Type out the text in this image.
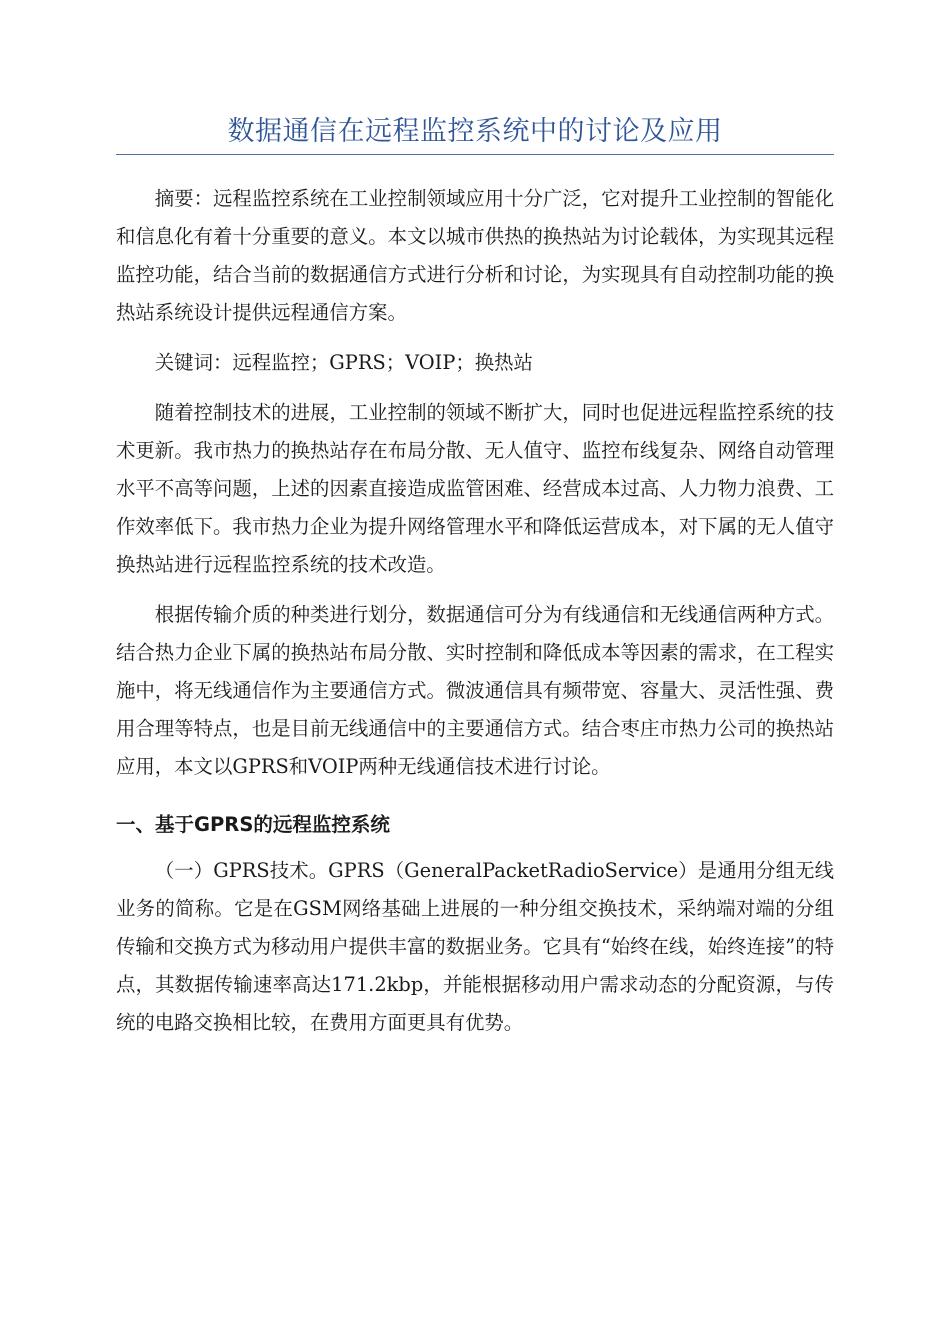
数据通信在远程监控系统中的讨论及应用

摘要：远程监控系统在工业控制领域应用十分广泛，它对提升工业控制的智能化和信息化有着十分重要的意义。本文以城市供热的换热站为讨论载体，为实现其远程监控功能，结合当前的数据通信方式进行分析和讨论，为实现具有自动控制功能的换热站系统设计提供远程通信方案。

关键词：远程监控；GPRS；VOIP；换热站

随着控制技术的进展，工业控制的领域不断扩大，同时也促进远程监控系统的技术更新。我市热力的换热站存在布局分散、无人值守、监控布线复杂、网络自动管理水平不高等问题，上述的因素直接造成监管困难、经营成本过高、人力物力浪费、工作效率低下。我市热力企业为提升网络管理水平和降低运营成本，对下属的无人值守换热站进行远程监控系统的技术改造。

根据传输介质的种类进行划分，数据通信可分为有线通信和无线通信两种方式。结合热力企业下属的换热站布局分散、实时控制和降低成本等因素的需求，在工程实施中，将无线通信作为主要通信方式。微波通信具有频带宽、容量大、灵活性强、费用合理等特点，也是目前无线通信中的主要通信方式。结合枣庄市热力公司的换热站应用，本文以GPRS和VOIP两种无线通信技术进行讨论。

一、基于GPRS的远程监控系统

（一）GPRS技术。GPRS（GeneralPacketRadioService）是通用分组无线业务的简称。它是在GSM网络基础上进展的一种分组交换技术，采纳端对端的分组传输和交换方式为移动用户提供丰富的数据业务。它具有“始终在线，始终连接”的特点，其数据传输速率高达171.2kbp，并能根据移动用户需求动态的分配资源，与传统的电路交换相比较，在费用方面更具有优势。
